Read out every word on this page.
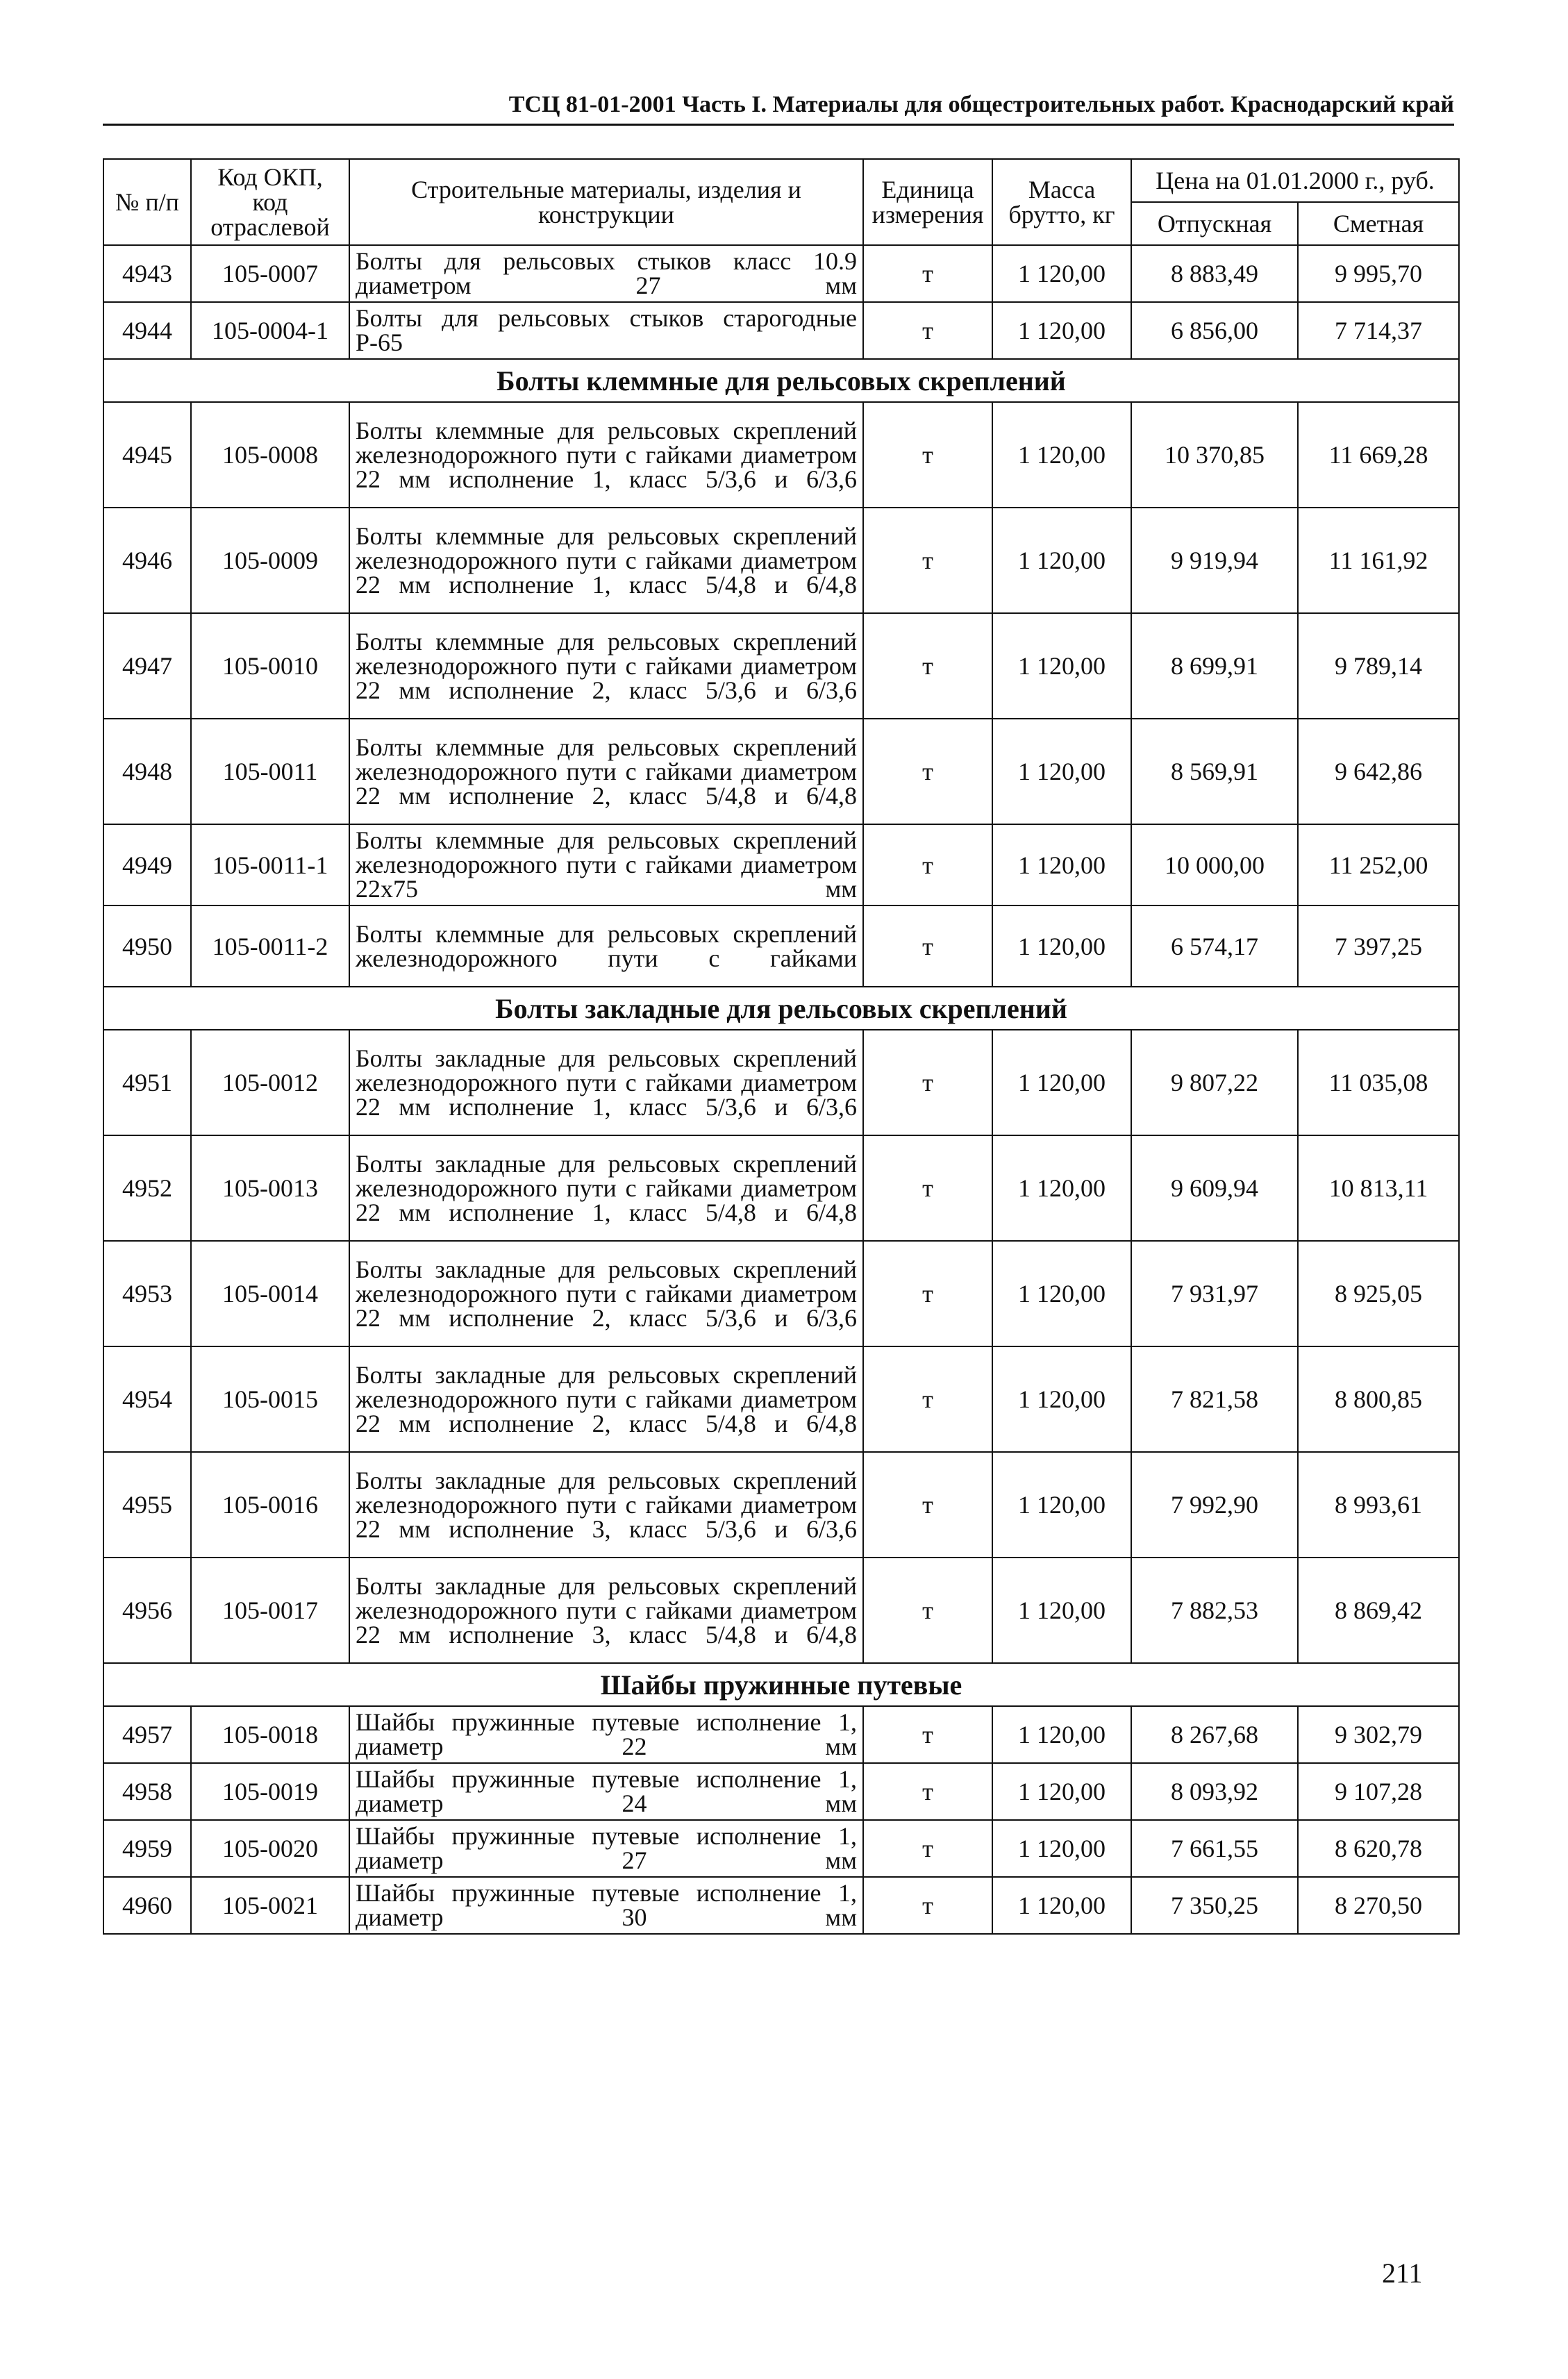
ТСЦ 81-01-2001 Часть I. Материалы для общестроительных работ. Краснодарский край
№ п/п	Код ОКП, код отраслевой	Строительные материалы, изделия и конструкции	Единица измерения	Масса брутто, кг	Цена на 01.01.2000 г., руб.	
					Отпускная	Сметная
4943	105-0007	Болты для рельсовых стыков класс 10.9 диаметром 27 мм	т	1 120,00	8 883,49	9 995,70
4944	105-0004-1	Болты для рельсовых стыков старогодные Р-65	т	1 120,00	6 856,00	7 714,37
Болты клеммные для рельсовых скреплений						
4945	105-0008	Болты клеммные для рельсовых скреплений железнодорожного пути с гайками диаметром 22 мм исполнение 1, класс 5/3,6 и 6/3,6	т	1 120,00	10 370,85	11 669,28
4946	105-0009	Болты клеммные для рельсовых скреплений железнодорожного пути с гайками диаметром 22 мм исполнение 1, класс 5/4,8 и 6/4,8	т	1 120,00	9 919,94	11 161,92
4947	105-0010	Болты клеммные для рельсовых скреплений железнодорожного пути с гайками диаметром 22 мм исполнение 2, класс 5/3,6 и 6/3,6	т	1 120,00	8 699,91	9 789,14
4948	105-0011	Болты клеммные для рельсовых скреплений железнодорожного пути с гайками диаметром 22 мм исполнение 2, класс 5/4,8 и 6/4,8	т	1 120,00	8 569,91	9 642,86
4949	105-0011-1	Болты клеммные для рельсовых скреплений железнодорожного пути с гайками диаметром 22х75 мм	т	1 120,00	10 000,00	11 252,00
4950	105-0011-2	Болты клеммные для рельсовых скреплений железнодорожного пути с гайками	т	1 120,00	6 574,17	7 397,25
Болты закладные для рельсовых скреплений						
4951	105-0012	Болты закладные для рельсовых скреплений железнодорожного пути с гайками диаметром 22 мм исполнение 1, класс 5/3,6 и 6/3,6	т	1 120,00	9 807,22	11 035,08
4952	105-0013	Болты закладные для рельсовых скреплений железнодорожного пути с гайками диаметром 22 мм исполнение 1, класс 5/4,8 и 6/4,8	т	1 120,00	9 609,94	10 813,11
4953	105-0014	Болты закладные для рельсовых скреплений железнодорожного пути с гайками диаметром 22 мм исполнение 2, класс 5/3,6 и 6/3,6	т	1 120,00	7 931,97	8 925,05
4954	105-0015	Болты закладные для рельсовых скреплений железнодорожного пути с гайками диаметром 22 мм исполнение 2, класс 5/4,8 и 6/4,8	т	1 120,00	7 821,58	8 800,85
4955	105-0016	Болты закладные для рельсовых скреплений железнодорожного пути с гайками диаметром 22 мм исполнение 3, класс 5/3,6 и 6/3,6	т	1 120,00	7 992,90	8 993,61
4956	105-0017	Болты закладные для рельсовых скреплений железнодорожного пути с гайками диаметром 22 мм исполнение 3, класс 5/4,8 и 6/4,8	т	1 120,00	7 882,53	8 869,42
Шайбы пружинные путевые						
4957	105-0018	Шайбы пружинные путевые исполнение 1, диаметр 22 мм	т	1 120,00	8 267,68	9 302,79
4958	105-0019	Шайбы пружинные путевые исполнение 1, диаметр 24 мм	т	1 120,00	8 093,92	9 107,28
4959	105-0020	Шайбы пружинные путевые исполнение 1, диаметр 27 мм	т	1 120,00	7 661,55	8 620,78
4960	105-0021	Шайбы пружинные путевые исполнение 1, диаметр 30 мм	т	1 120,00	7 350,25	8 270,50
211
